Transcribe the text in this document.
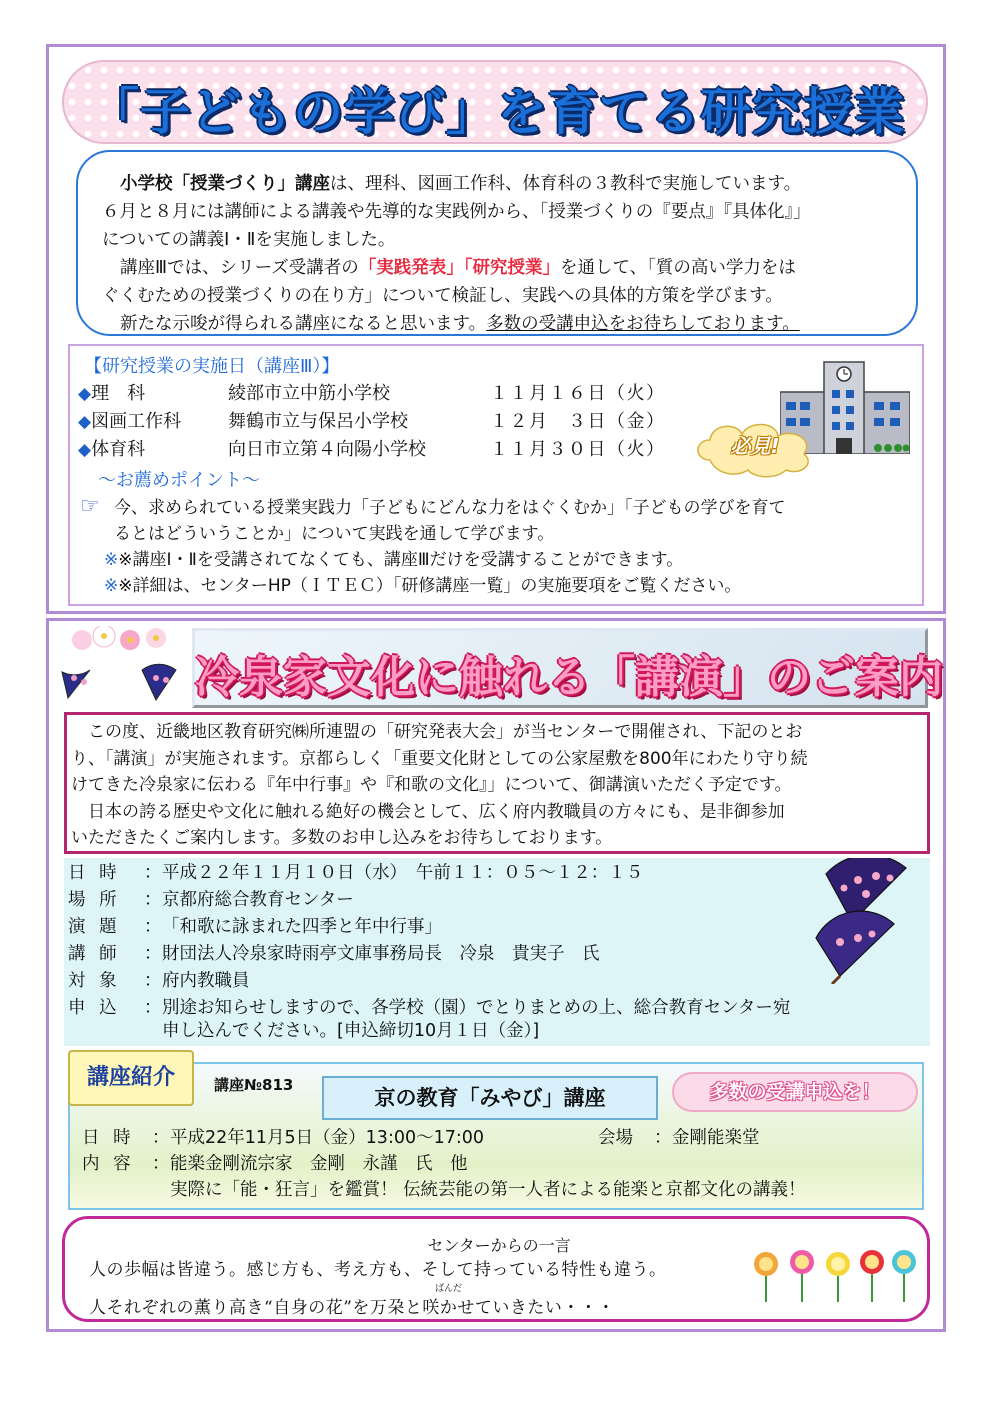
「子どもの学び」を育てる研究授業
小学校「授業づくり」講座は、理科、図画工作科、体育科の３教科で実施しています。
６月と８月には講師による講義や先導的な実践例から、「授業づくりの『要点』『具体化』」
についての講義Ⅰ・Ⅱを実施しました。
講座Ⅲでは、シリーズ受講者の「実践発表」「研究授業」を通して、「質の高い学力をは
ぐくむための授業づくりの在り方」について検証し、実践への具体的方策を学びます。
新たな示唆が得られる講座になると思います。多数の受講申込をお待ちしております。
【研究授業の実施日（講座Ⅲ）】
◆理　科	綾部市立中筋小学校	１１月１６日（火）
◆図画工作科	舞鶴市立与保呂小学校	１２月　３日（金）
◆体育科	向日市立第４向陽小学校	１１月３０日（火）
～お薦めポイント～
☞ 今、求められている授業実践力「子どもにどんな力をはぐくむか」「子どもの学びを育て
るとはどういうことか」について実践を通して学びます。
※※講座Ⅰ・Ⅱを受講されてなくても、講座Ⅲだけを受講することができます。
※※詳細は、センターHP（ＩＴＥＣ）「研修講座一覧」の実施要項をご覧ください。
必見!
冷泉家文化に触れる「講演」のご案内
　この度、近畿地区教育研究㈱所連盟の「研究発表大会」が当センターで開催され、下記のとお
り、「講演」が実施されます。京都らしく「重要文化財としての公家屋敷を800年にわたり守り続
けてきた冷泉家に伝わる『年中行事』や『和歌の文化』」について、御講演いただく予定です。
　日本の誇る歴史や文化に触れる絶好の機会として、広く府内教職員の方々にも、是非御参加
いただきたくご案内します。多数のお申し込みをお待ちしております。
日 時 ：平成２２年１１月１０日（水）　午前１１：０５～１２：１５
場 所 ：京都府総合教育センター
演 題 ：「和歌に詠まれた四季と年中行事」
講 師 ：財団法人冷泉家時雨亭文庫事務局長　冷泉　貴実子　氏
対 象 ：府内教職員
申 込 ：別途お知らせしますので、各学校（園）でとりまとめの上、総合教育センター宛
申し込んでください。[申込締切10月１日（金）]
日 時 ：平成22年11月5日（金）13:00～17:00	会場 ：金剛能楽堂
内 容 ：能楽金剛流宗家　金剛　永謹　氏　他
実際に「能・狂言」を鑑賞！ 伝統芸能の第一人者による能楽と京都文化の講義！
講座紹介	講座№813
京の教育「みやび」講座	多数の受講申込を！
センターからの一言
人の歩幅は皆違う。感じ方も、考え方も、そして持っている特性も違う。
ばんだ
人それぞれの薫り高き“自身の花”を万朶と咲かせていきたい・・・
